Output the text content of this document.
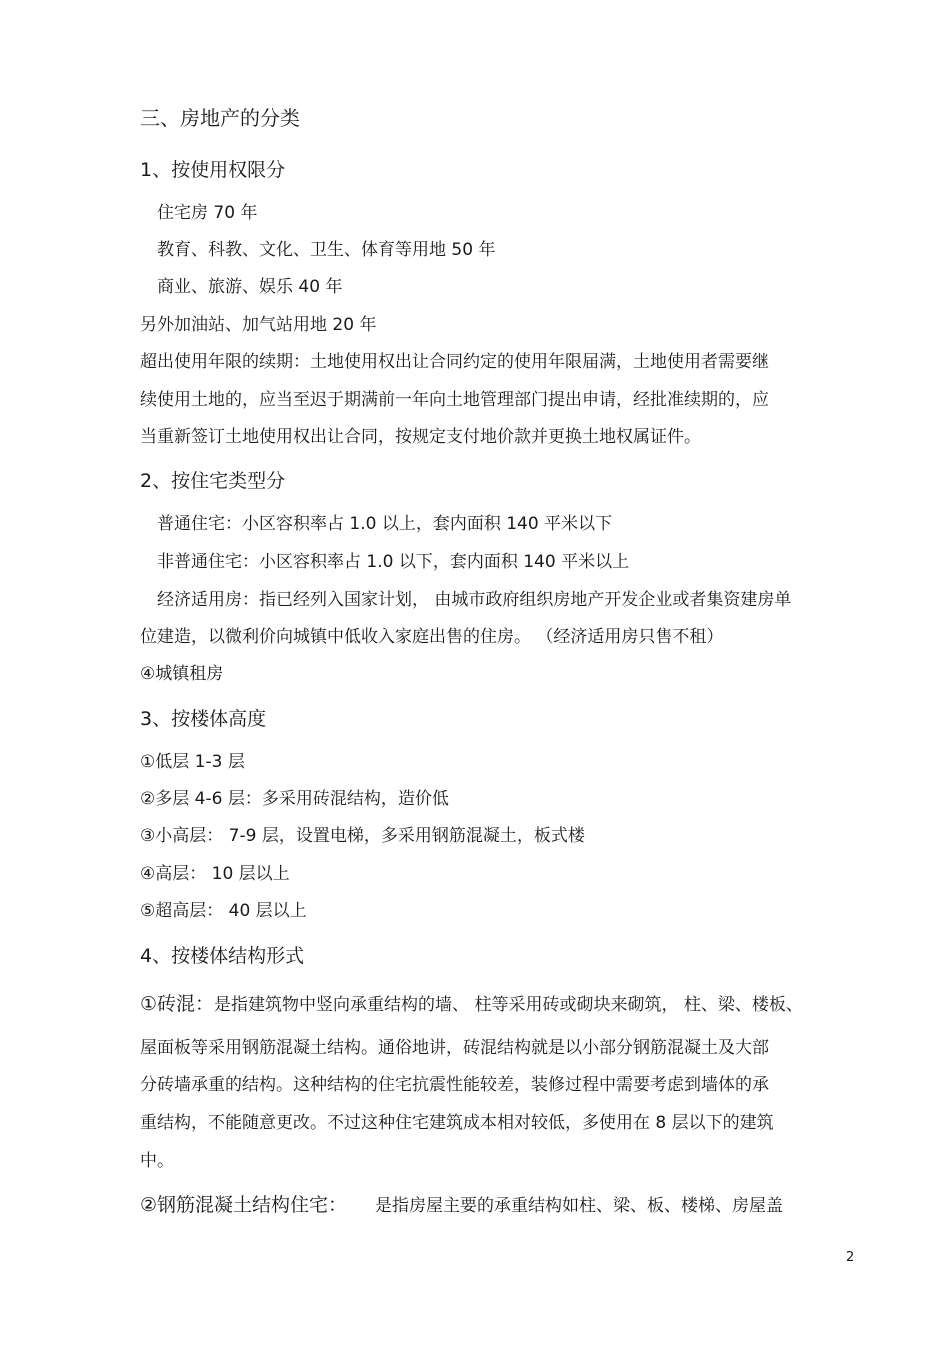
三、房地产的分类
1、按使用权限分
住宅房 70 年
教育、科教、文化、卫生、体育等用地 50 年
商业、旅游、娱乐 40 年
另外加油站、加气站用地 20 年
超出使用年限的续期：土地使用权出让合同约定的使用年限届满，土地使用者需要继
续使用土地的，应当至迟于期满前一年向土地管理部门提出申请，经批准续期的，应
当重新签订土地使用权出让合同，按规定支付地价款并更换土地权属证件。
2、按住宅类型分
普通住宅：小区容积率占 1.0 以上，套内面积 140 平米以下
非普通住宅：小区容积率占 1.0 以下，套内面积 140 平米以上
经济适用房：指已经列入国家计划， 由城市政府组织房地产开发企业或者集资建房单
位建造，以微利价向城镇中低收入家庭出售的住房。 （经济适用房只售不租）
④城镇租房
3、按楼体高度
①低层 1-3 层
②多层 4-6 层：多采用砖混结构，造价低
③小高层： 7-9 层，设置电梯，多采用钢筋混凝土，板式楼
④高层： 10 层以上
⑤超高层： 40 层以上
4、按楼体结构形式
①砖混：是指建筑物中竖向承重结构的墙、 柱等采用砖或砌块来砌筑， 柱、梁、楼板、
屋面板等采用钢筋混凝土结构。通俗地讲，砖混结构就是以小部分钢筋混凝土及大部
分砖墙承重的结构。这种结构的住宅抗震性能较差，装修过程中需要考虑到墙体的承
重结构，不能随意更改。不过这种住宅建筑成本相对较低，多使用在 8 层以下的建筑
中。
②钢筋混凝土结构住宅： 是指房屋主要的承重结构如柱、梁、板、楼梯、房屋盖
2
